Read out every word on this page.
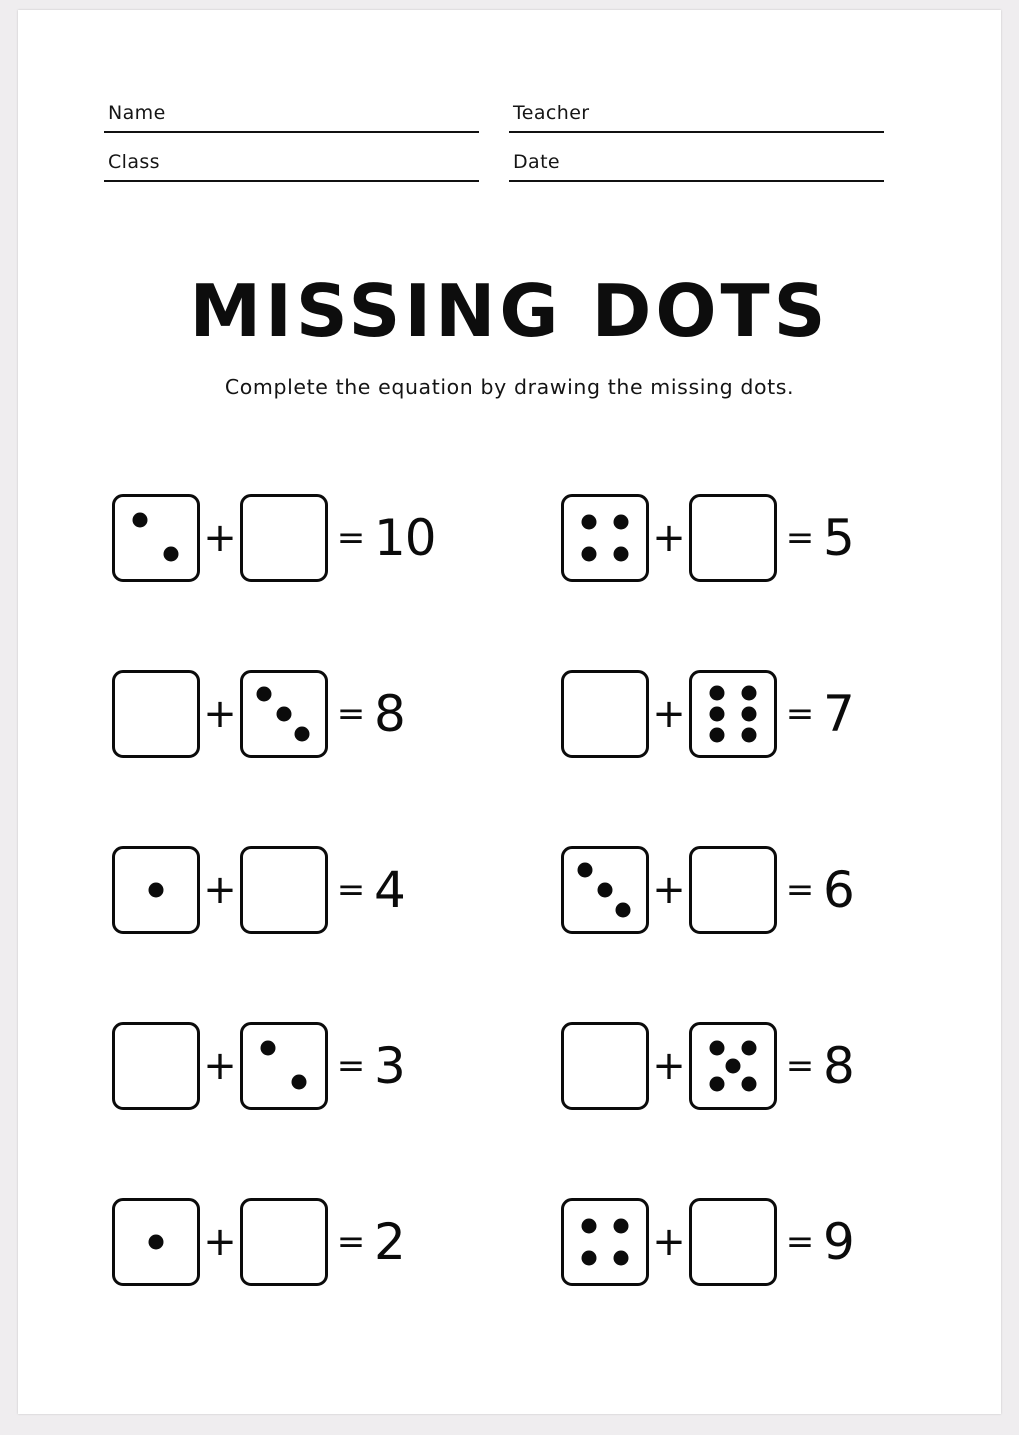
Name	Teacher
Class	Date
MISSING DOTS
Complete the equation by drawing the missing dots.
+	= 10	+	= 5
+	= 8	+	= 7
+	= 4	+	= 6
+	= 3	+	= 8
+	= 2	+	= 9
